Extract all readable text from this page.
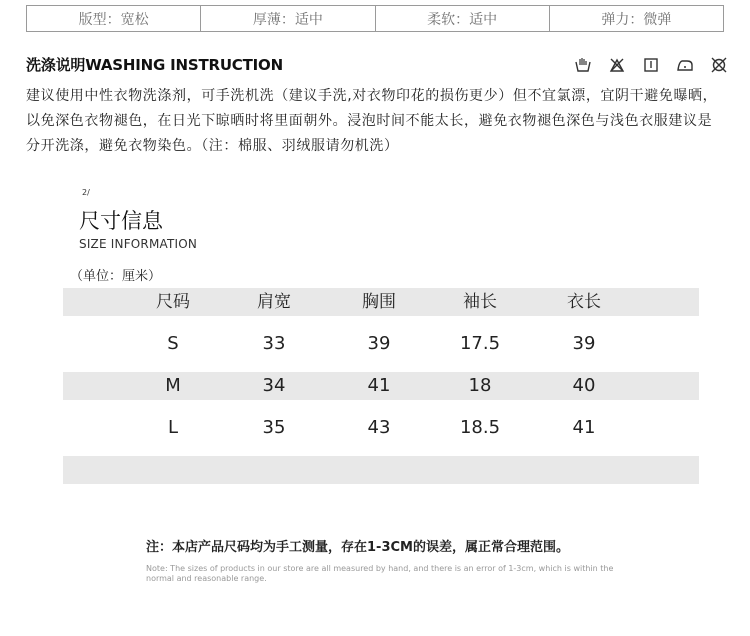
版型：宽松	厚薄：适中	柔软：适中	弹力：微弹
洗涤说明WASHING INSTRUCTION
建议使用中性衣物洗涤剂，可手洗机洗（建议手洗,对衣物印花的损伤更少）但不宜氯漂，宜阴干避免曝晒，以免深色衣物褪色，在日光下晾晒时将里面朝外。浸泡时间不能太长，避免衣物褪色深色与浅色衣服建议是分开洗涤，避免衣物染色。（注：棉服、羽绒服请勿机洗）
2/
尺寸信息
SIZE INFORMATION
（单位：厘米）
尺码	肩宽	胸围	袖长	衣长
S	33	39	17.5	39
M	34	41	18	40
L	35	43	18.5	41
注：本店产品尺码均为手工测量，存在1-3CM的误差，属正常合理范围。
Note: The sizes of products in our store are all measured by hand, and there is an error of 1-3cm, which is within the normal and reasonable range.
